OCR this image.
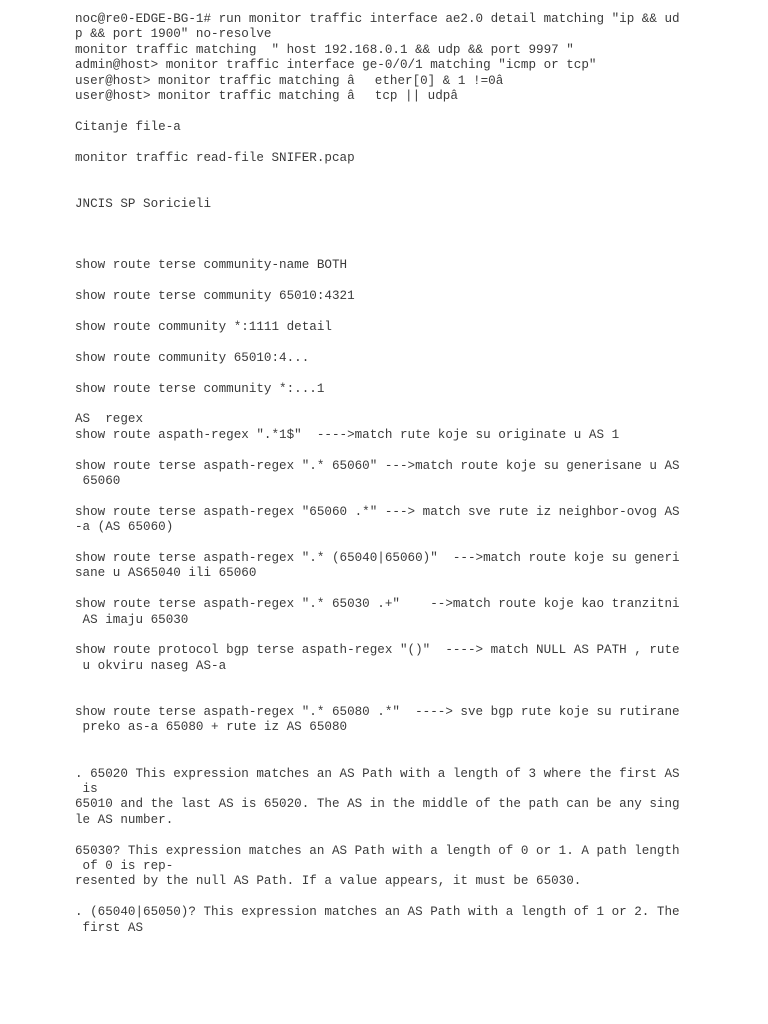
noc@re0-EDGE-BG-1# run monitor traffic interface ae2.0 detail matching "ip && ud
p && port 1900" no-resolve
monitor traffic matching  " host 192.168.0.1 && udp && port 9997 "
admin@host> monitor traffic interface ge-0/0/1 matching "icmp or tcp"
user@host> monitor traffic matching âether[0] & 1 !=0â
user@host> monitor traffic matching âtcp || udpâ

Citanje file-a

monitor traffic read-file SNIFER.pcap

JNCIS SP Soricieli

show route terse community-name BOTH

show route terse community 65010:4321

show route community *:1111 detail

show route community 65010:4...

show route terse community *:...1

AS  regex
show route aspath-regex ".*1$"  ---->match rute koje su originate u AS 1

show route terse aspath-regex ".* 65060" --->match route koje su generisane u AS
65060

show route terse aspath-regex "65060 .*" ---> match sve rute iz neighbor-ovog AS
-a (AS 65060)

show route terse aspath-regex ".* (65040|65060)"  --->match route koje su generi
sane u AS65040 ili 65060

show route terse aspath-regex ".* 65030 .+"    -->match route koje kao tranzitni
AS imaju 65030

show route protocol bgp terse aspath-regex "()"  ----> match NULL AS PATH , rute
u okviru naseg AS-a

show route terse aspath-regex ".* 65080 .*"  ----> sve bgp rute koje su rutirane
preko as-a 65080 + rute iz AS 65080

. 65020 This expression matches an AS Path with a length of 3 where the first AS
is
65010 and the last AS is 65020. The AS in the middle of the path can be any sing
le AS number.

65030? This expression matches an AS Path with a length of 0 or 1. A path length
of 0 is rep-
resented by the null AS Path. If a value appears, it must be 65030.

. (65040|65050)? This expression matches an AS Path with a length of 1 or 2. The
first AS
